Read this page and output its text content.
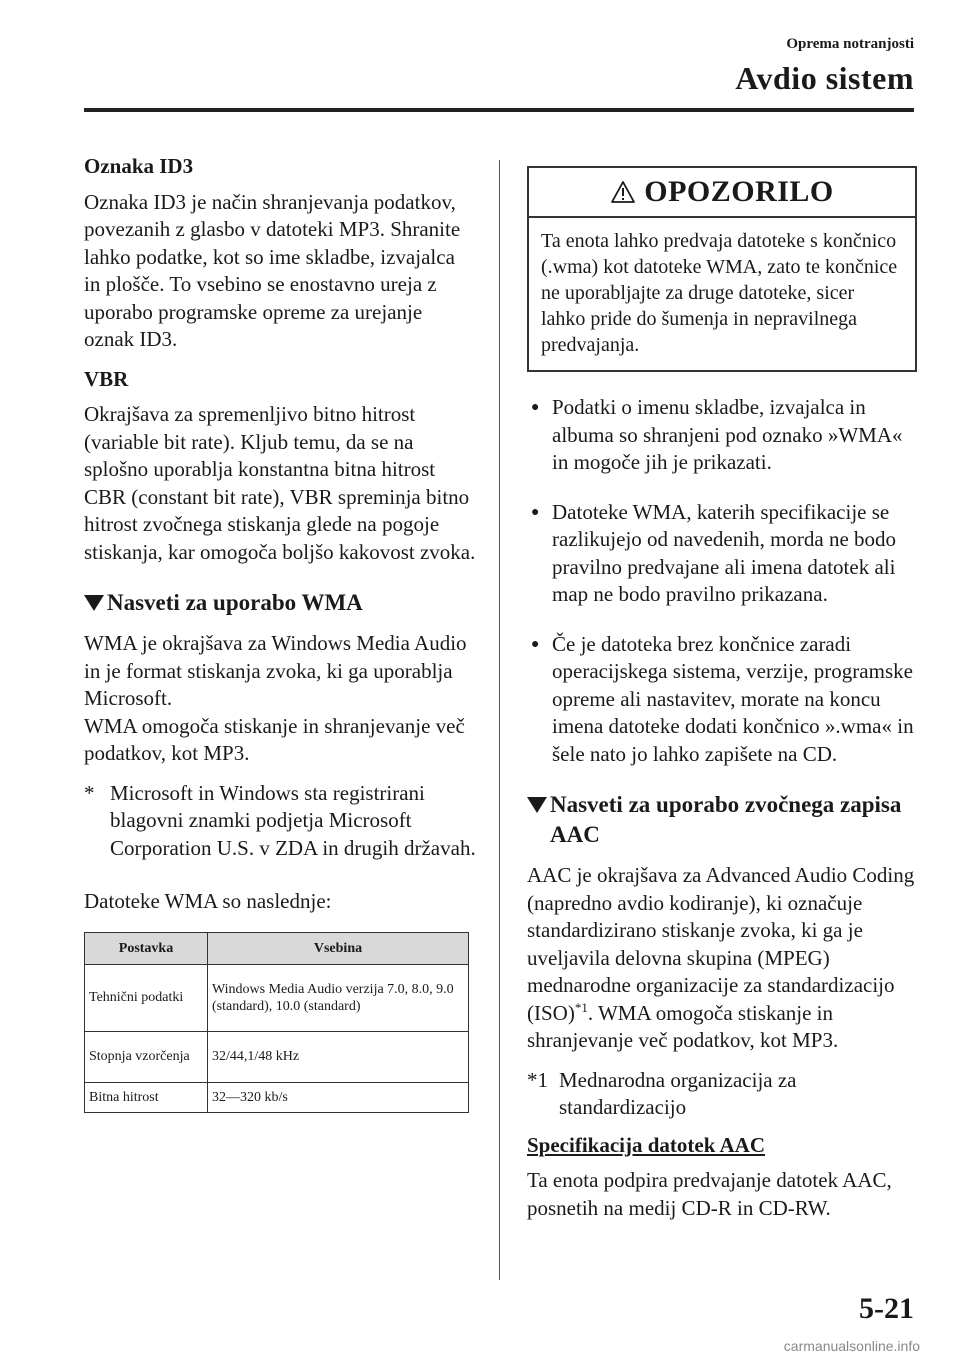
Oprema notranjosti
Avdio sistem

Oznaka ID3

Oznaka ID3 je način shranjevanja podatkov, povezanih z glasbo v datoteki MP3. Shranite lahko podatke, kot so ime skladbe, izvajalca in plošče. To vsebino se enostavno ureja z uporabo programske opreme za urejanje oznak ID3.

VBR

Okrajšava za spremenljivo bitno hitrost (variable bit rate). Kljub temu, da se na splošno uporablja konstantna bitna hitrost CBR (constant bit rate), VBR spreminja bitno hitrost zvočnega stiskanja glede na pogoje stiskanja, kar omogoča boljšo kakovost zvoka.

Nasveti za uporabo WMA

WMA je okrajšava za Windows Media Audio in je format stiskanja zvoka, ki ga uporablja Microsoft.

WMA omogoča stiskanje in shranjevanje več podatkov, kot MP3.

* Microsoft in Windows sta registrirani blagovni znamki podjetja Microsoft Corporation U.S. v ZDA in drugih državah.

Datoteke WMA so naslednje:

Postavka	Vsebina
Tehnični podatki	Windows Media Audio verzija 7.0, 8.0, 9.0 (standard), 10.0 (standard)
Stopnja vzorčenja	32/44,1/48 kHz
Bitna hitrost	32—320 kb/s
OPOZORILO
Ta enota lahko predvaja datoteke s končnico (.wma) kot datoteke WMA, zato te končnice ne uporabljajte za druge datoteke, sicer lahko pride do šumenja in nepravilnega predvajanja.
● Podatki o imenu skladbe, izvajalca in albuma so shranjeni pod oznako »WMA« in mogoče jih je prikazati.
● Datoteke WMA, katerih specifikacije se razlikujejo od navedenih, morda ne bodo pravilno predvajane ali imena datotek ali map ne bodo pravilno prikazana.
● Če je datoteka brez končnice zaradi operacijskega sistema, verzije, programske opreme ali nastavitev, morate na koncu imena datoteke dodati končnico ».wma« in šele nato jo lahko zapišete na CD.
Nasveti za uporabo zvočnega zapisa AAC

AAC je okrajšava za Advanced Audio Coding (napredno avdio kodiranje), ki označuje standardizirano stiskanje zvoka, ki ga je uveljavila delovna skupina (MPEG) mednarodne organizacije za standardizacijo (ISO)$^{*1}$. WMA omogoča stiskanje in shranjevanje več podatkov, kot MP3.

*1 Mednarodna organizacija za standardizacijo
Specifikacija datotek AAC

Ta enota podpira predvajanje datotek AAC, posnetih na medij CD-R in CD-RW.

5-21
carmanualsonline.info
